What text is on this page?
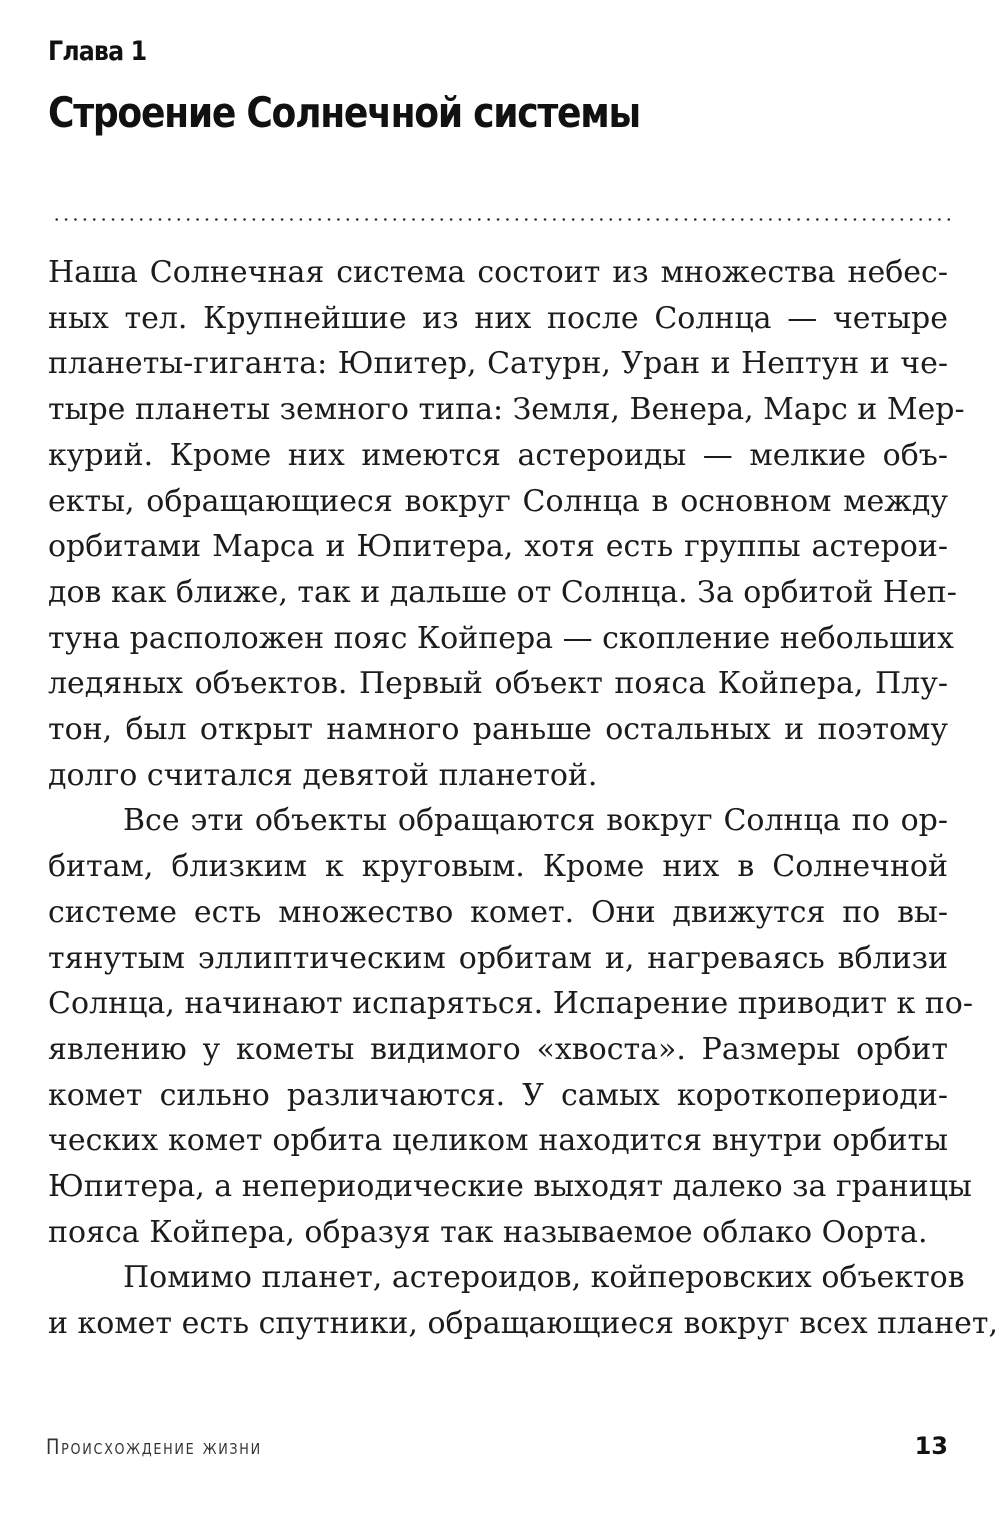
Глава 1
Строение Солнечной системы
Наша Солнечная система состоит из множества небес-
ных тел. Крупнейшие из них после Солнца — четыре
планеты-гиганта: Юпитер, Сатурн, Уран и Нептун и че-
тыре планеты земного типа: Земля, Венера, Марс и Мер-
курий. Кроме них имеются астероиды — мелкие объ-
екты, обращающиеся вокруг Солнца в основном между
орбитами Марса и Юпитера, хотя есть группы астерои-
дов как ближе, так и дальше от Солнца. За орбитой Неп-
туна расположен пояс Койпера — скопление небольших
ледяных объектов. Первый объект пояса Койпера, Плу-
тон, был открыт намного раньше остальных и поэтому
долго считался девятой планетой.
Все эти объекты обращаются вокруг Солнца по ор-
битам, близким к круговым. Кроме них в Солнечной
системе есть множество комет. Они движутся по вы-
тянутым эллиптическим орбитам и, нагреваясь вблизи
Солнца, начинают испаряться. Испарение приводит к по-
явлению у кометы видимого «хвоста». Размеры орбит
комет сильно различаются. У самых короткопериоди-
ческих комет орбита целиком находится внутри орбиты
Юпитера, а непериодические выходят далеко за границы
пояса Койпера, образуя так называемое облако Оорта.
Помимо планет, астероидов, койперовских объектов
и комет есть спутники, обращающиеся вокруг всех планет,
Происхождение жизни	13
